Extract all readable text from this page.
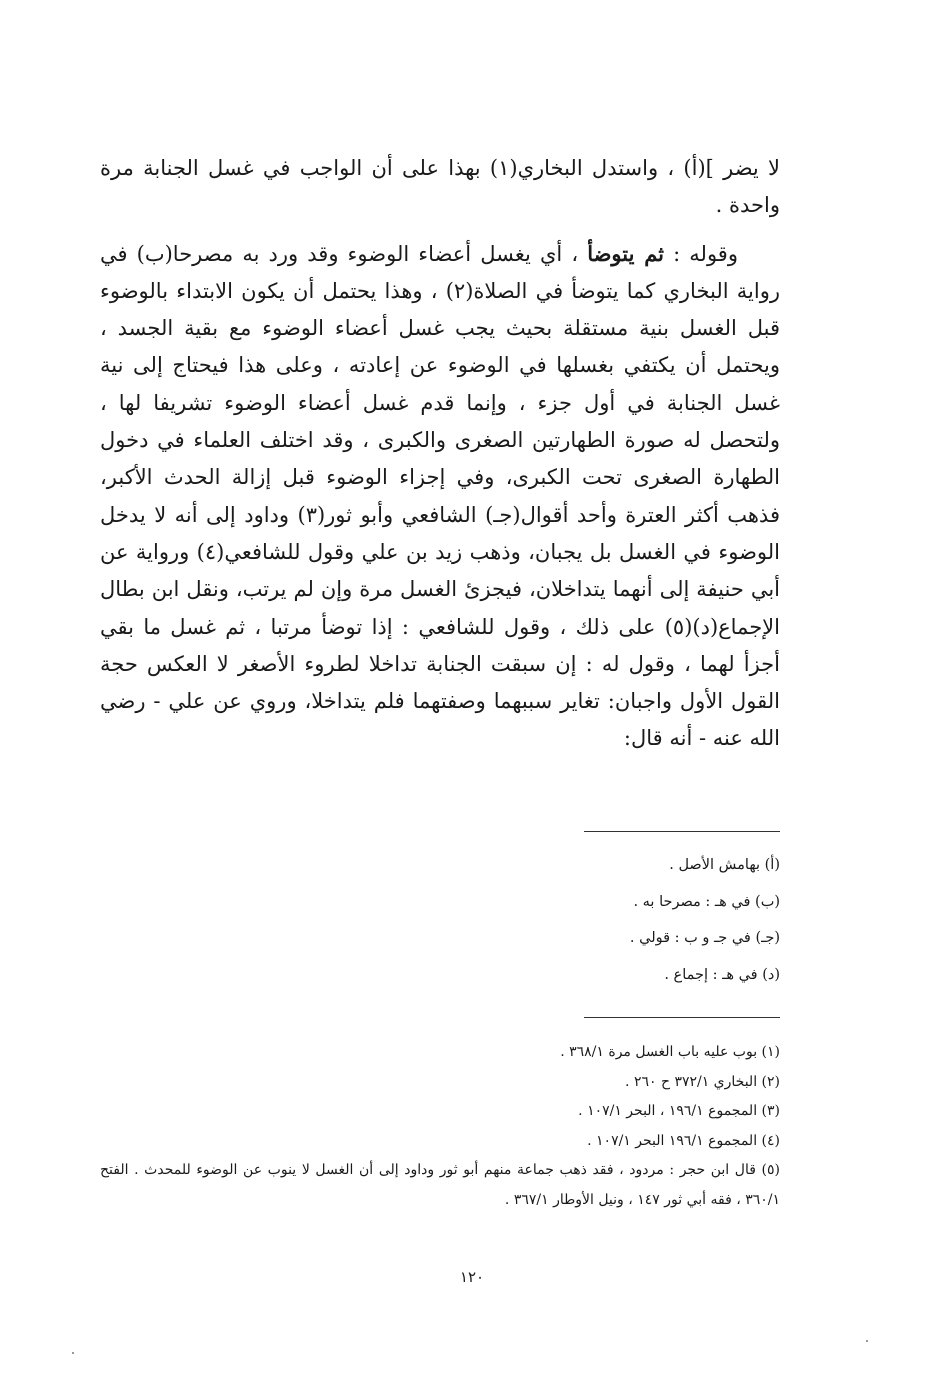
لا يضر ](أ) ، واستدل البخاري(١) بهذا على أن الواجب في غسل الجنابة مرة واحدة .

وقوله : ثم يتوضأ ، أي يغسل أعضاء الوضوء وقد ورد به مصرحا(ب) في رواية البخاري كما يتوضأ في الصلاة(٢) ، وهذا يحتمل أن يكون الابتداء بالوضوء قبل الغسل بنية مستقلة بحيث يجب غسل أعضاء الوضوء مع بقية الجسد ، ويحتمل أن يكتفي بغسلها في الوضوء عن إعادته ، وعلى هذا فيحتاج إلى نية غسل الجنابة في أول جزء ، وإنما قدم غسل أعضاء الوضوء تشريفا لها ، ولتحصل له صورة الطهارتين الصغرى والكبرى ، وقد اختلف العلماء في دخول الطهارة الصغرى تحت الكبرى، وفي إجزاء الوضوء قبل إزالة الحدث الأكبر، فذهب أكثر العترة وأحد أقوال(جـ) الشافعي وأبو ثور(٣) وداود إلى أنه لا يدخل الوضوء في الغسل بل يجبان، وذهب زيد بن علي وقول للشافعي(٤) ورواية عن أبي حنيفة إلى أنهما يتداخلان، فيجزئ الغسل مرة وإن لم يرتب، ونقل ابن بطال الإجماع(د)(٥) على ذلك ، وقول للشافعي : إذا توضأ مرتبا ، ثم غسل ما بقي أجزأ لهما ، وقول له : إن سبقت الجنابة تداخلا لطروء الأصغر لا العكس حجة القول الأول واجبان: تغاير سببهما وصفتهما فلم يتداخلا، وروي عن علي - رضي الله عنه - أنه قال:

(أ) بهامش الأصل .

(ب) في هـ : مصرحا به .

(جـ) في جـ و ب : قولي .

(د) في هـ : إجماع .

(١) بوب عليه باب الغسل مرة ٣٦٨/١ .

(٢) البخاري ٣٧٢/١ ح ٢٦٠ .

(٣) المجموع ١٩٦/١ ، البحر ١٠٧/١ .

(٤) المجموع ١٩٦/١ البحر ١٠٧/١ .

(٥) قال ابن حجر : مردود ، فقد ذهب جماعة منهم أبو ثور وداود إلى أن الغسل لا ينوب عن الوضوء للمحدث . الفتح ٣٦٠/١ ، فقه أبي ثور ١٤٧ ، ونيل الأوطار ٣٦٧/١ .

١٢٠
